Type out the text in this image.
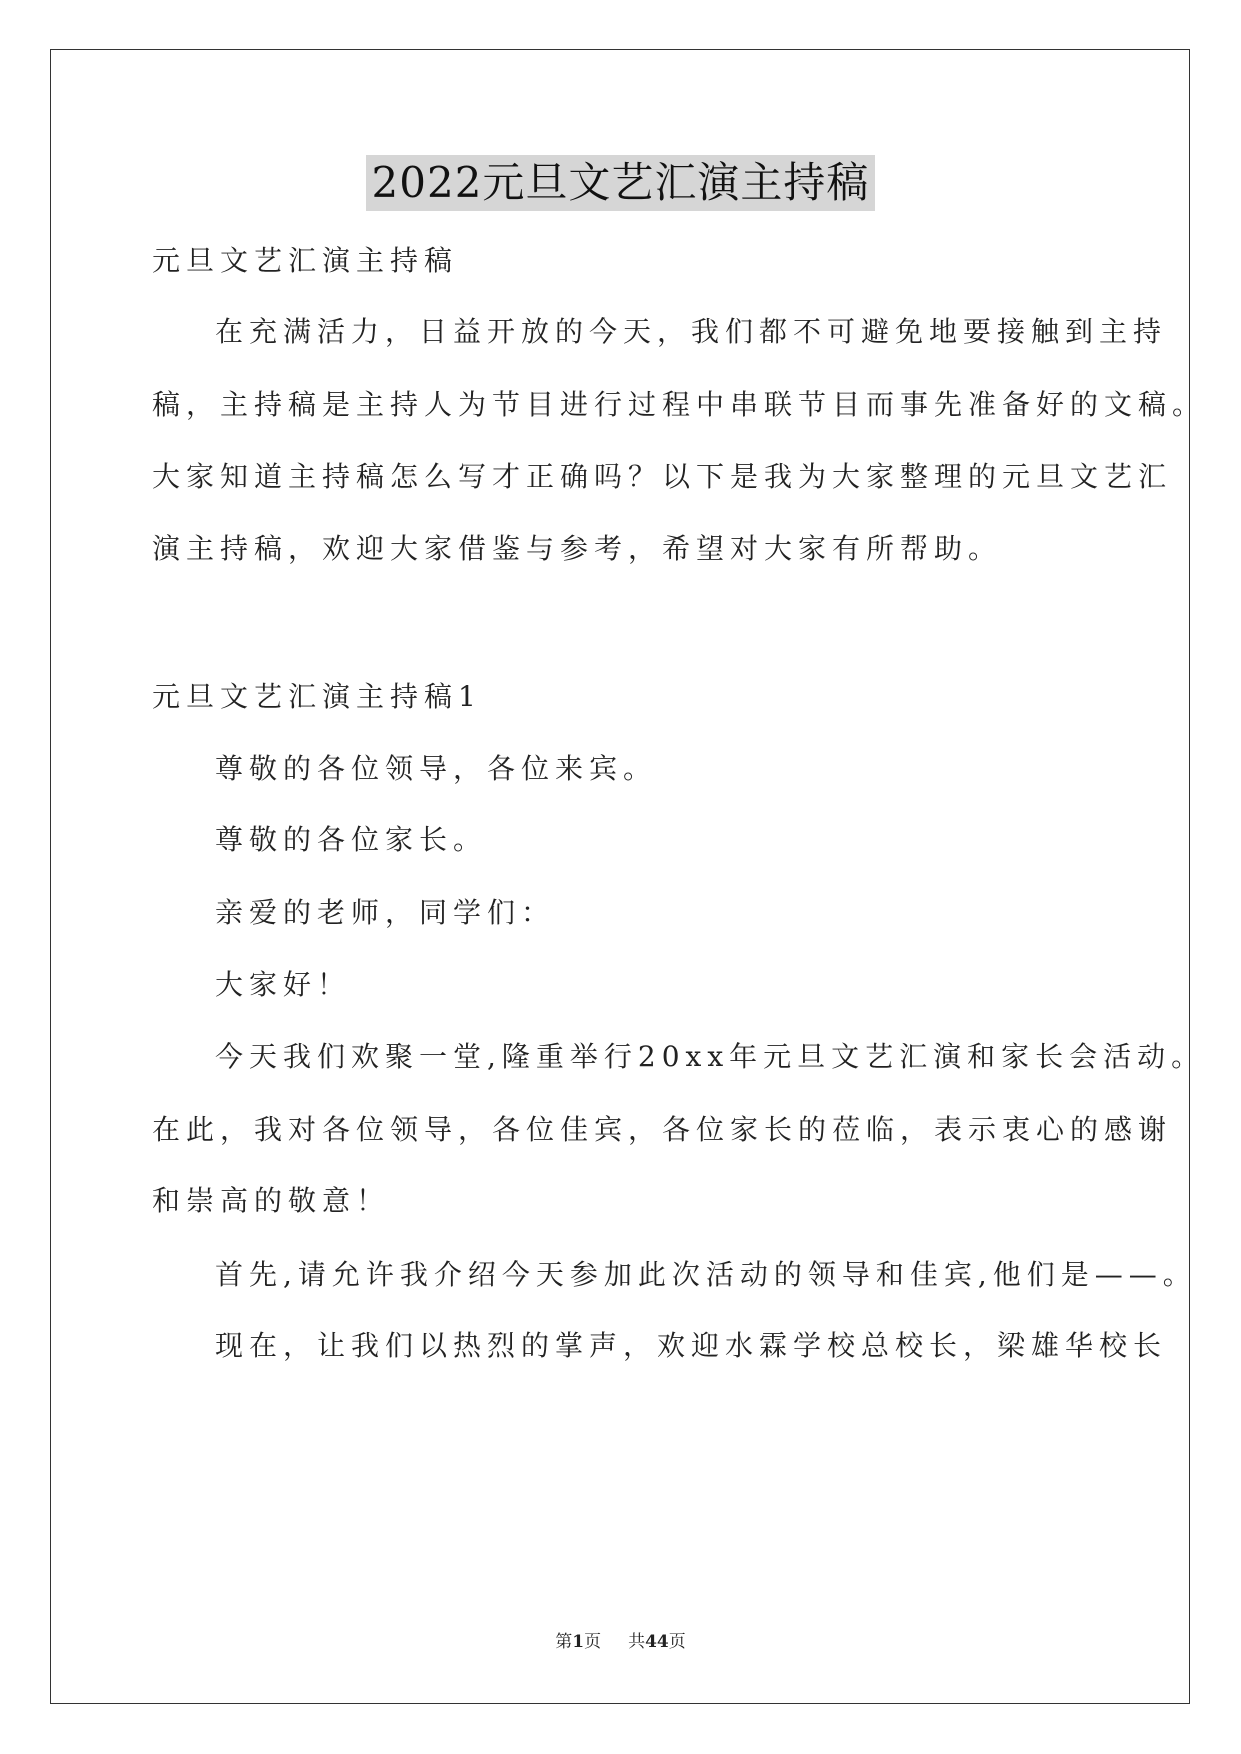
2022元旦文艺汇演主持稿
元旦文艺汇演主持稿
在充满活力，日益开放的今天，我们都不可避免地要接触到主持
稿，主持稿是主持人为节目进行过程中串联节目而事先准备好的文稿。
大家知道主持稿怎么写才正确吗？以下是我为大家整理的元旦文艺汇
演主持稿，欢迎大家借鉴与参考，希望对大家有所帮助。
元旦文艺汇演主持稿1
尊敬的各位领导，各位来宾。
尊敬的各位家长。
亲爱的老师，同学们：
大家好！
今天我们欢聚一堂,隆重举行20xx年元旦文艺汇演和家长会活动。
在此，我对各位领导，各位佳宾，各位家长的莅临，表示衷心的感谢
和崇高的敬意！
首先,请允许我介绍今天参加此次活动的领导和佳宾,他们是——。
现在，让我们以热烈的掌声，欢迎水霖学校总校长，梁雄华校长
第1页 共44页
